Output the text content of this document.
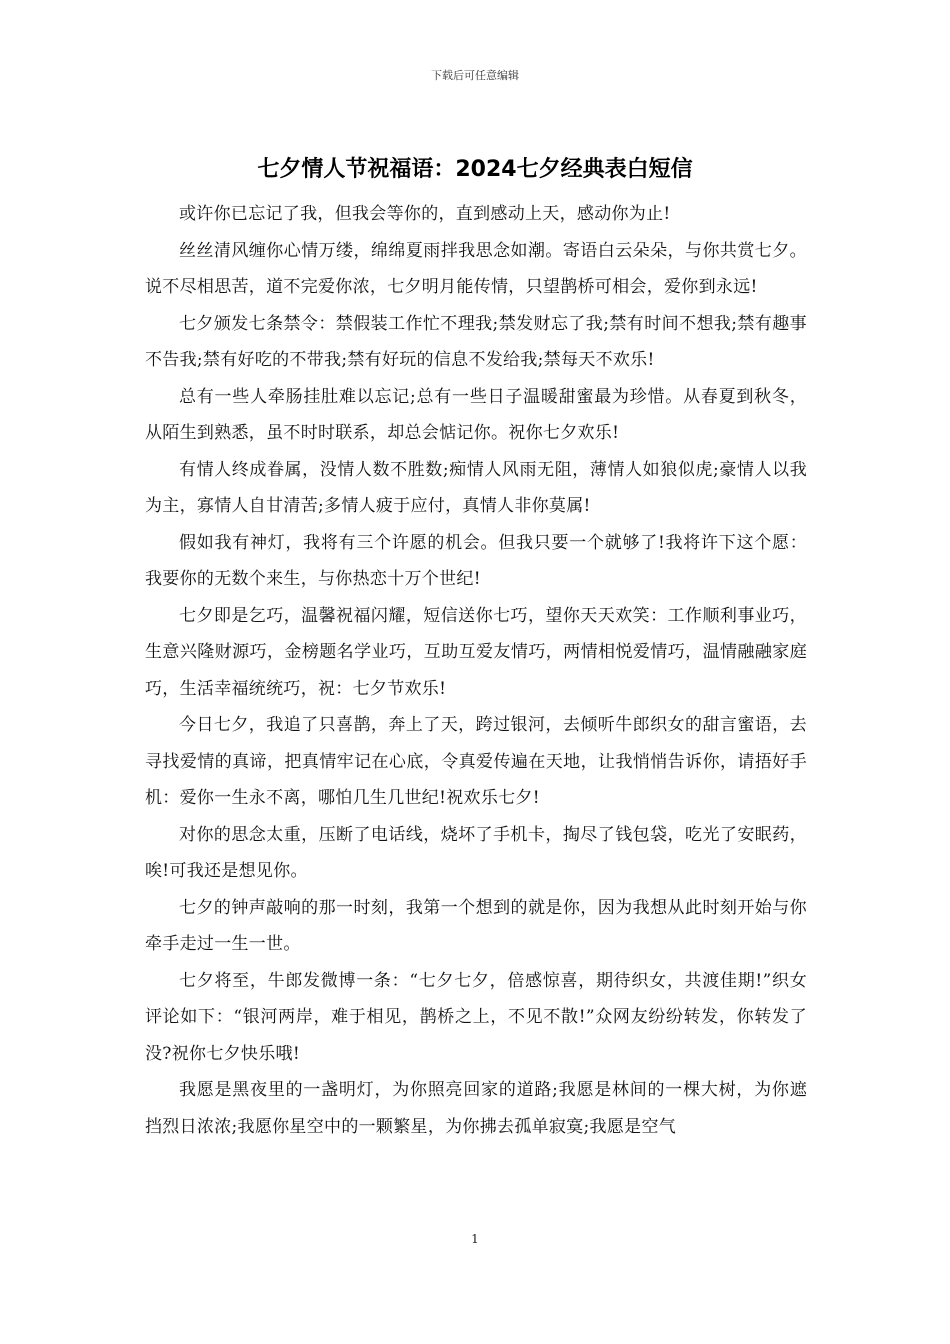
下载后可任意编辑
七夕情人节祝福语：2024七夕经典表白短信

或许你已忘记了我，但我会等你的，直到感动上天，感动你为止!

丝丝清风缠你心情万缕，绵绵夏雨拌我思念如潮。寄语白云朵朵，与你共赏七夕。说不尽相思苦，道不完爱你浓，七夕明月能传情，只望鹊桥可相会，爱你到永远!

七夕颁发七条禁令：禁假装工作忙不理我;禁发财忘了我;禁有时间不想我;禁有趣事不告我;禁有好吃的不带我;禁有好玩的信息不发给我;禁每天不欢乐!

总有一些人牵肠挂肚难以忘记;总有一些日子温暖甜蜜最为珍惜。从春夏到秋冬，从陌生到熟悉，虽不时时联系，却总会惦记你。祝你七夕欢乐!

有情人终成眷属，没情人数不胜数;痴情人风雨无阻，薄情人如狼似虎;豪情人以我为主，寡情人自甘清苦;多情人疲于应付，真情人非你莫属!

假如我有神灯，我将有三个许愿的机会。但我只要一个就够了!我将许下这个愿：我要你的无数个来生，与你热恋十万个世纪!

七夕即是乞巧，温馨祝福闪耀，短信送你七巧，望你天天欢笑：工作顺利事业巧，生意兴隆财源巧，金榜题名学业巧，互助互爱友情巧，两情相悦爱情巧，温情融融家庭巧，生活幸福统统巧，祝：七夕节欢乐!

今日七夕，我追了只喜鹊，奔上了天，跨过银河，去倾听牛郎织女的甜言蜜语，去寻找爱情的真谛，把真情牢记在心底，令真爱传遍在天地，让我悄悄告诉你，请捂好手机：爱你一生永不离，哪怕几生几世纪!祝欢乐七夕!

对你的思念太重，压断了电话线，烧坏了手机卡，掏尽了钱包袋，吃光了安眠药，唉!可我还是想见你。

七夕的钟声敲响的那一时刻，我第一个想到的就是你，因为我想从此时刻开始与你牵手走过一生一世。

七夕将至，牛郎发微博一条：“七夕七夕，倍感惊喜，期待织女，共渡佳期!”织女评论如下：“银河两岸，难于相见，鹊桥之上，不见不散!”众网友纷纷转发，你转发了没?祝你七夕快乐哦!

我愿是黑夜里的一盏明灯，为你照亮回家的道路;我愿是林间的一棵大树，为你遮挡烈日浓浓;我愿你星空中的一颗繁星，为你拂去孤单寂寞;我愿是空气

1
